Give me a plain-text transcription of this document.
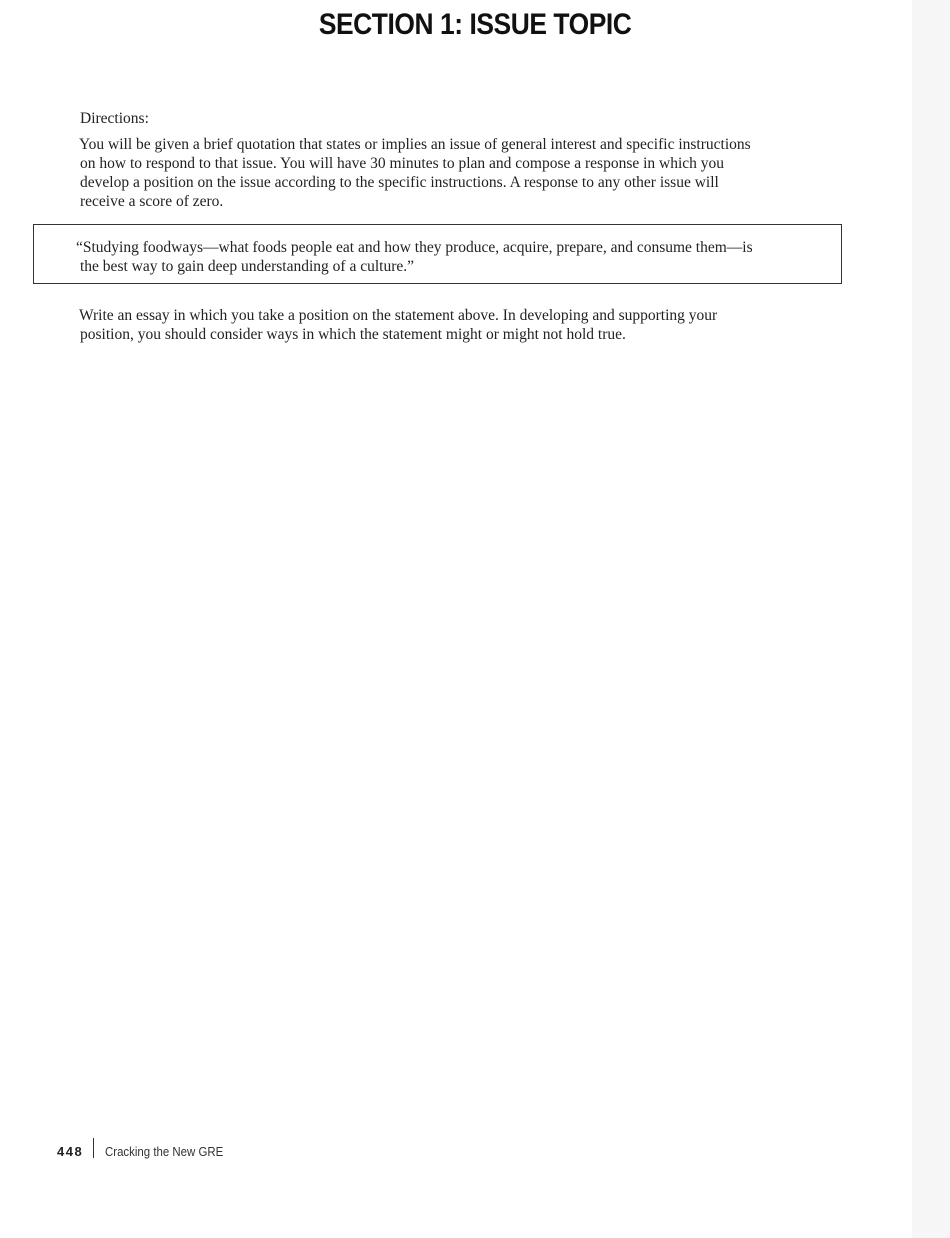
SECTION 1: ISSUE TOPIC
Directions:
You will be given a brief quotation that states or implies an issue of general interest and specific instructions
on how to respond to that issue. You will have 30 minutes to plan and compose a response in which you
develop a position on the issue according to the specific instructions. A response to any other issue will
receive a score of zero.
“Studying foodways—what foods people eat and how they produce, acquire, prepare, and consume them—is
the best way to gain deep understanding of a culture.”
Write an essay in which you take a position on the statement above. In developing and supporting your
position, you should consider ways in which the statement might or might not hold true.
448 Cracking the New GRE
